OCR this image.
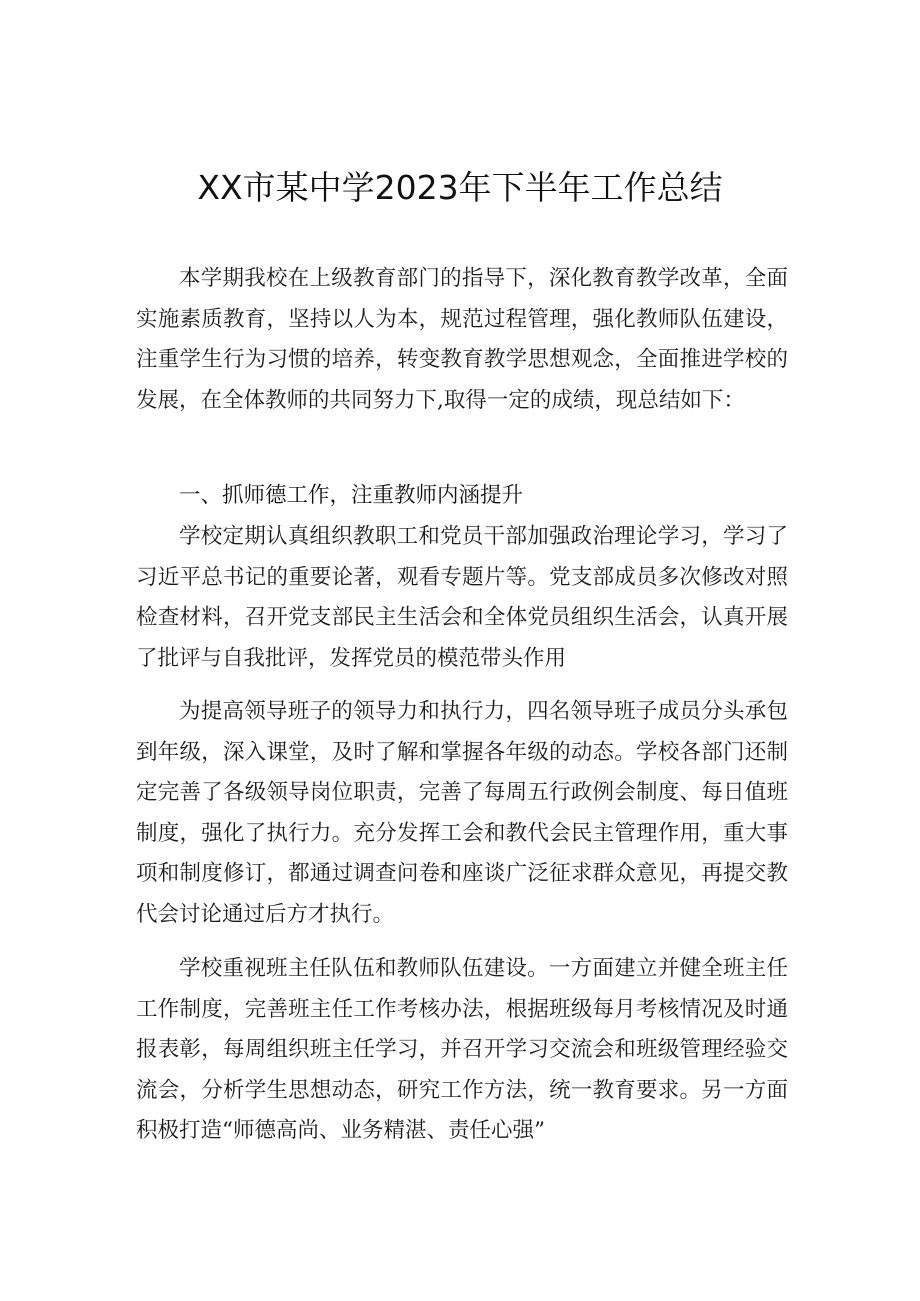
XX市某中学2023年下半年工作总结

本学期我校在上级教育部门的指导下，深化教育教学改革，全面实施素质教育，坚持以人为本，规范过程管理，强化教师队伍建设，注重学生行为习惯的培养，转变教育教学思想观念，全面推进学校的发展，在全体教师的共同努力下,取得一定的成绩，现总结如下：

一、抓师德工作，注重教师内涵提升

学校定期认真组织教职工和党员干部加强政治理论学习，学习了习近平总书记的重要论著，观看专题片等。党支部成员多次修改对照检查材料，召开党支部民主生活会和全体党员组织生活会，认真开展了批评与自我批评，发挥党员的模范带头作用

为提高领导班子的领导力和执行力，四名领导班子成员分头承包到年级，深入课堂，及时了解和掌握各年级的动态。学校各部门还制定完善了各级领导岗位职责，完善了每周五行政例会制度、每日值班制度，强化了执行力。充分发挥工会和教代会民主管理作用，重大事项和制度修订，都通过调查问卷和座谈广泛征求群众意见，再提交教代会讨论通过后方才执行。

学校重视班主任队伍和教师队伍建设。一方面建立并健全班主任工作制度，完善班主任工作考核办法，根据班级每月考核情况及时通报表彰，每周组织班主任学习，并召开学习交流会和班级管理经验交流会，分析学生思想动态，研究工作方法，统一教育要求。另一方面积极打造“师德高尚、业务精湛、责任心强”
